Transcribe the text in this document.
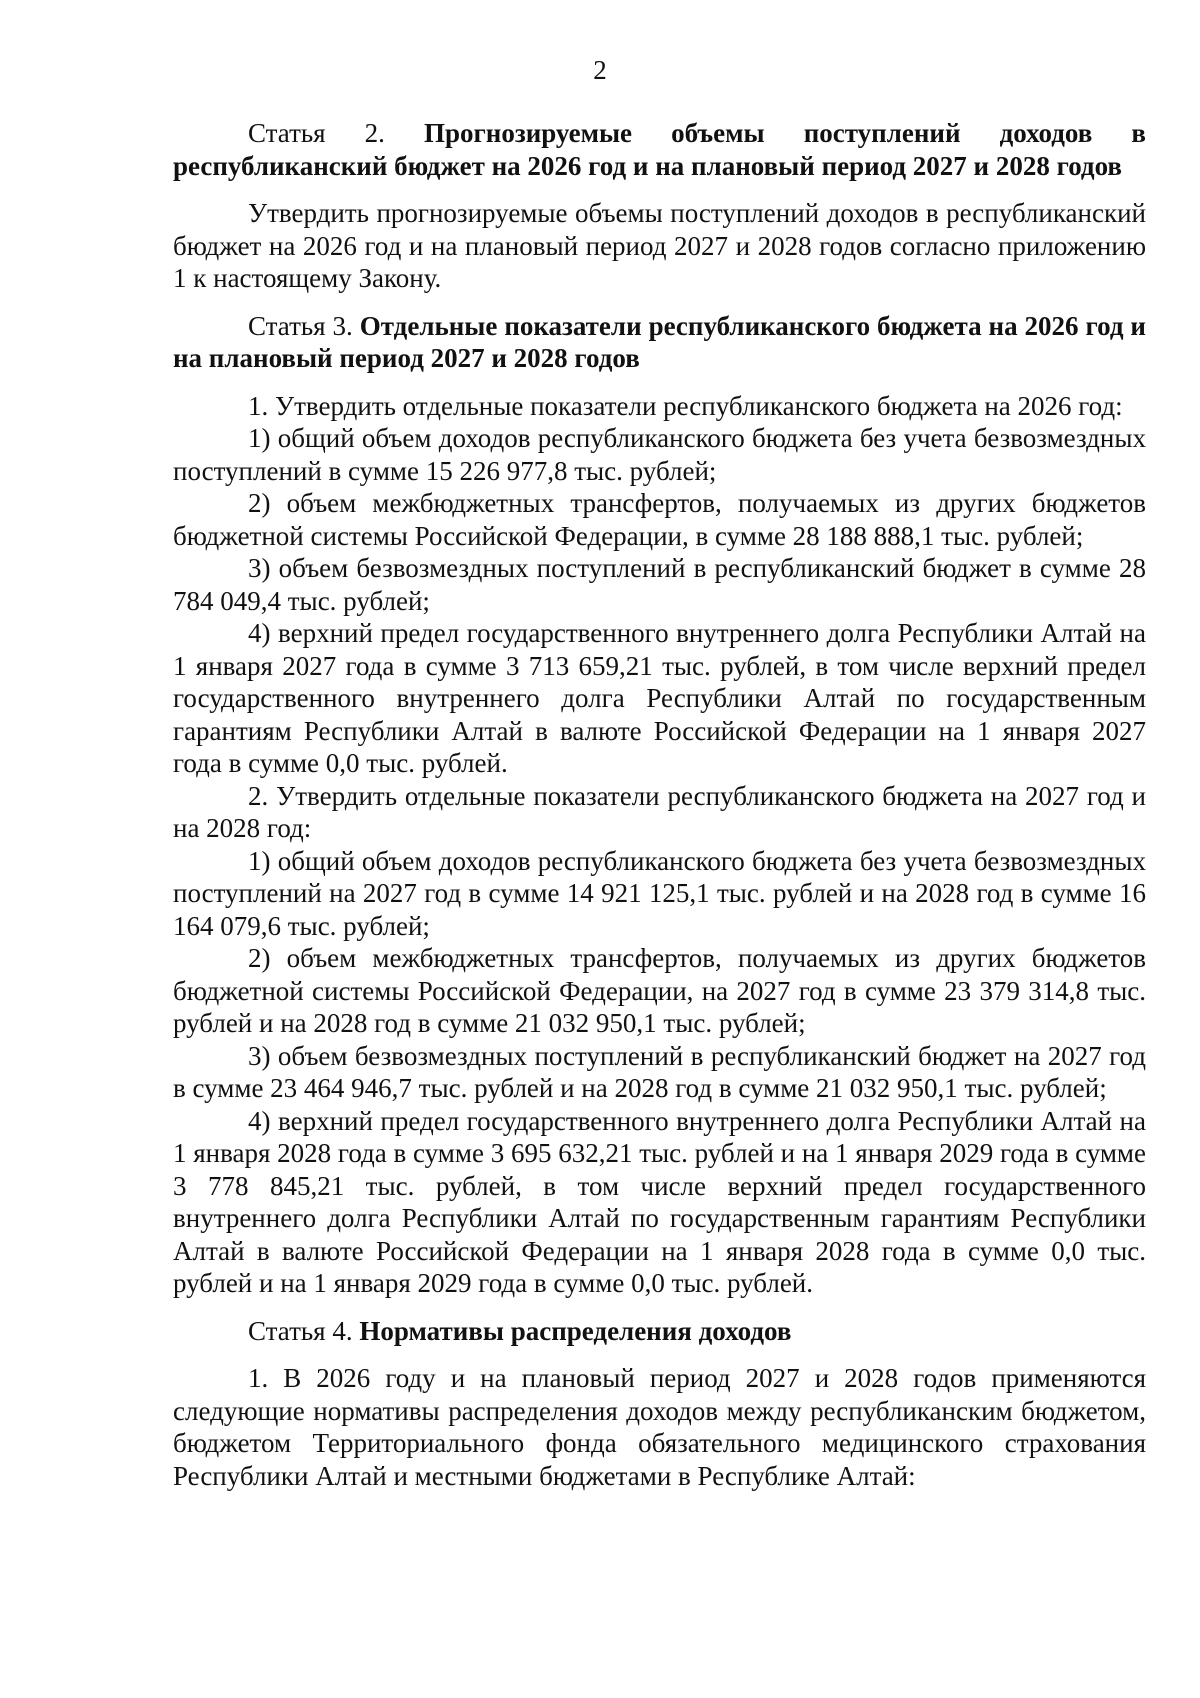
2

Статья 2. Прогнозируемые объемы поступлений доходов в республиканский бюджет на 2026 год и на плановый период 2027 и 2028 годов

Утвердить прогнозируемые объемы поступлений доходов в республиканский бюджет на 2026 год и на плановый период 2027 и 2028 годов согласно приложению 1 к настоящему Закону.

Статья 3. Отдельные показатели республиканского бюджета на 2026 год и на плановый период 2027 и 2028 годов

1. Утвердить отдельные показатели республиканского бюджета на 2026 год:

1) общий объем доходов республиканского бюджета без учета безвозмездных поступлений в сумме 15 226 977,8 тыс. рублей;

2) объем межбюджетных трансфертов, получаемых из других бюджетов бюджетной системы Российской Федерации, в сумме 28 188 888,1 тыс. рублей;

3) объем безвозмездных поступлений в республиканский бюджет в сумме 28 784 049,4 тыс. рублей;

4) верхний предел государственного внутреннего долга Республики Алтай на 1 января 2027 года в сумме 3 713 659,21 тыс. рублей, в том числе верхний предел государственного внутреннего долга Республики Алтай по государственным гарантиям Республики Алтай в валюте Российской Федерации на 1 января 2027 года в сумме 0,0 тыс. рублей.

2. Утвердить отдельные показатели республиканского бюджета на 2027 год и на 2028 год:

1) общий объем доходов республиканского бюджета без учета безвозмездных поступлений на 2027 год в сумме 14 921 125,1 тыс. рублей и на 2028 год в сумме 16 164 079,6 тыс. рублей;

2) объем межбюджетных трансфертов, получаемых из других бюджетов бюджетной системы Российской Федерации, на 2027 год в сумме 23 379 314,8 тыс. рублей и на 2028 год в сумме 21 032 950,1 тыс. рублей;

3) объем безвозмездных поступлений в республиканский бюджет на 2027 год в сумме 23 464 946,7 тыс. рублей и на 2028 год в сумме 21 032 950,1 тыс. рублей;

4) верхний предел государственного внутреннего долга Республики Алтай на 1 января 2028 года в сумме 3 695 632,21 тыс. рублей и на 1 января 2029 года в сумме 3 778 845,21 тыс. рублей, в том числе верхний предел государственного внутреннего долга Республики Алтай по государственным гарантиям Республики Алтай в валюте Российской Федерации на 1 января 2028 года в сумме 0,0 тыс. рублей и на 1 января 2029 года в сумме 0,0 тыс. рублей.

Статья 4. Нормативы распределения доходов

1. В 2026 году и на плановый период 2027 и 2028 годов применяются следующие нормативы распределения доходов между республиканским бюджетом, бюджетом Территориального фонда обязательного медицинского страхования Республики Алтай и местными бюджетами в Республике Алтай:
